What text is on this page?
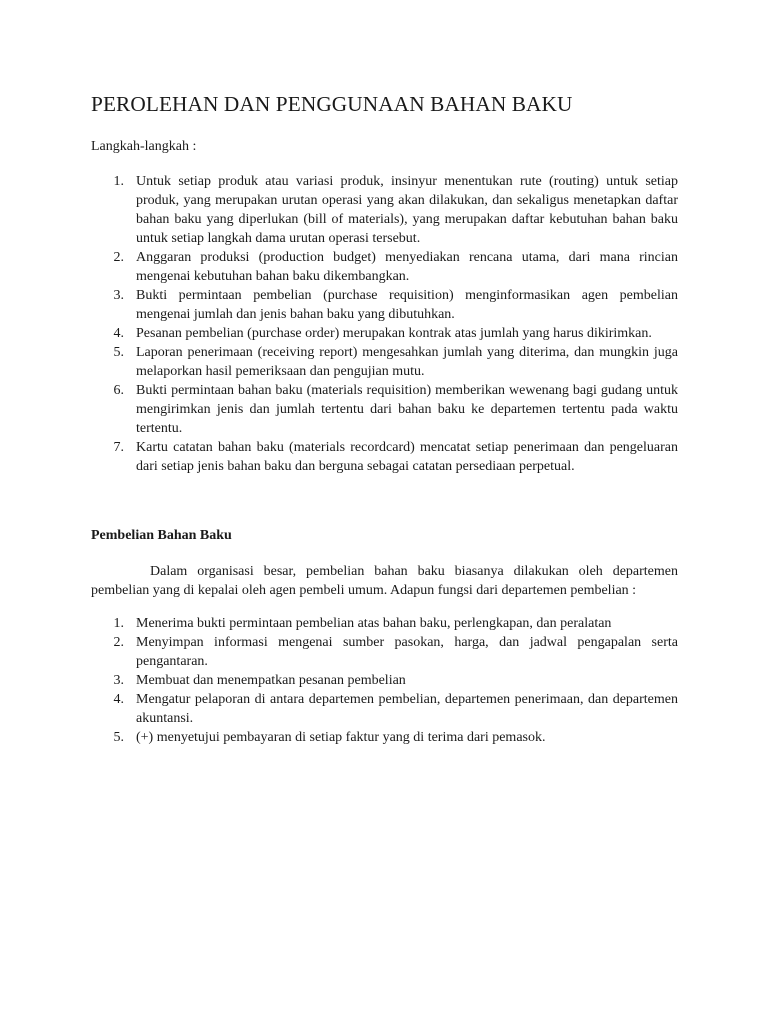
PEROLEHAN DAN PENGGUNAAN BAHAN BAKU

Langkah-langkah :

1. Untuk setiap produk atau variasi produk, insinyur menentukan rute (routing) untuk setiap produk, yang merupakan urutan operasi yang akan dilakukan, dan sekaligus menetapkan daftar bahan baku yang diperlukan (bill of materials), yang merupakan daftar kebutuhan bahan baku untuk setiap langkah dama urutan operasi tersebut.
2. Anggaran produksi (production budget) menyediakan rencana utama, dari mana rincian mengenai kebutuhan bahan baku dikembangkan.
3. Bukti permintaan pembelian (purchase requisition) menginformasikan agen pembelian mengenai jumlah dan jenis bahan baku yang dibutuhkan.
4. Pesanan pembelian (purchase order) merupakan kontrak atas jumlah yang harus dikirimkan.
5. Laporan penerimaan (receiving report) mengesahkan jumlah yang diterima, dan mungkin juga melaporkan hasil pemeriksaan dan pengujian mutu.
6. Bukti permintaan bahan baku (materials requisition) memberikan wewenang bagi gudang untuk mengirimkan jenis dan jumlah tertentu dari bahan baku ke departemen tertentu pada waktu tertentu.
7. Kartu catatan bahan baku (materials recordcard) mencatat setiap penerimaan dan pengeluaran dari setiap jenis bahan baku dan berguna sebagai catatan persediaan perpetual.
Pembelian Bahan Baku

Dalam organisasi besar, pembelian bahan baku biasanya dilakukan oleh departemen pembelian yang di kepalai oleh agen pembeli umum. Adapun fungsi dari departemen pembelian :

1. Menerima bukti permintaan pembelian atas bahan baku, perlengkapan, dan peralatan
2. Menyimpan informasi mengenai sumber pasokan, harga, dan jadwal pengapalan serta pengantaran.
3. Membuat dan menempatkan pesanan pembelian
4. Mengatur pelaporan di antara departemen pembelian, departemen penerimaan, dan departemen akuntansi.
5. (+) menyetujui pembayaran di setiap faktur yang di terima dari pemasok.
